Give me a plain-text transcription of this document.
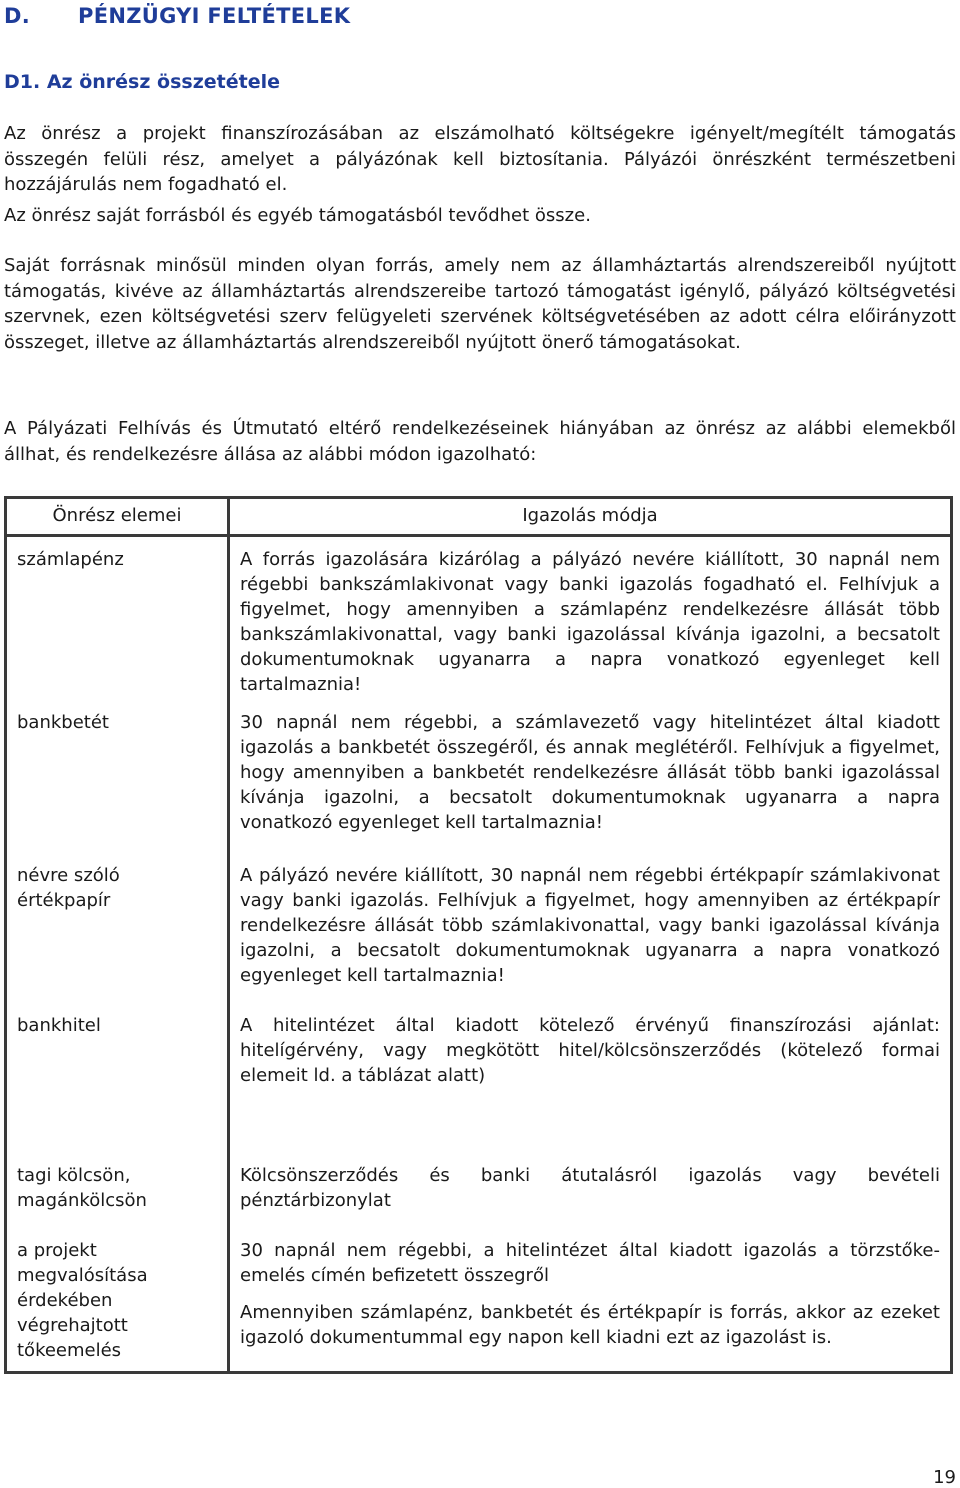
D. PÉNZÜGYI FELTÉTELEK
D1. Az önrész összetétele

Az önrész a projekt finanszírozásában az elszámolható költségekre igényelt/megítélt támogatás összegén felüli rész, amelyet a pályázónak kell biztosítania. Pályázói önrészként természetbeni hozzájárulás nem fogadható el.

Az önrész saját forrásból és egyéb támogatásból tevődhet össze.

Saját forrásnak minősül minden olyan forrás, amely nem az államháztartás alrendszereiből nyújtott támogatás, kivéve az államháztartás alrendszereibe tartozó támogatást igénylő, pályázó költségvetési szervnek, ezen költségvetési szerv felügyeleti szervének költségvetésében az adott célra előirányzott összeget, illetve az államháztartás alrendszereiből nyújtott önerő támogatásokat.

A Pályázati Felhívás és Útmutató eltérő rendelkezéseinek hiányában az önrész az alábbi elemekből állhat, és rendelkezésre állása az alábbi módon igazolható:

Önrész elemei	Igazolás módja
számlapénz	A forrás igazolására kizárólag a pályázó nevére kiállított, 30 napnál nem régebbi bankszámlakivonat vagy banki igazolás fogadható el. Felhívjuk a figyelmet, hogy amennyiben a számlapénz rendelkezésre állását több bankszámlakivonattal, vagy banki igazolással kívánja igazolni, a becsatolt dokumentumoknak ugyanarra a napra vonatkozó egyenleget kell tartalmaznia!
bankbetét	30 napnál nem régebbi, a számlavezető vagy hitelintézet által kiadott igazolás a bankbetét összegéről, és annak meglétéről. Felhívjuk a figyelmet, hogy amennyiben a bankbetét rendelkezésre állását több banki igazolással kívánja igazolni, a becsatolt dokumentumoknak ugyanarra a napra vonatkozó egyenleget kell tartalmaznia!
névre szóló értékpapír	A pályázó nevére kiállított, 30 napnál nem régebbi értékpapír számlakivonat vagy banki igazolás. Felhívjuk a figyelmet, hogy amennyiben az értékpapír rendelkezésre állását több számlakivonattal, vagy banki igazolással kívánja igazolni, a becsatolt dokumentumoknak ugyanarra a napra vonatkozó egyenleget kell tartalmaznia!
bankhitel	A hitelintézet által kiadott kötelező érvényű finanszírozási ajánlat: hitelígérvény, vagy megkötött hitel/kölcsönszerződés (kötelező formai elemeit ld. a táblázat alatt)
tagi kölcsön, magánkölcsön	Kölcsönszerződés és banki átutalásról igazolás vagy bevételi pénztárbizonylat
a projekt megvalósítása érdekében végrehajtott tőkeemelés	30 napnál nem régebbi, a hitelintézet által kiadott igazolás a törzstőke-emelés címén befizetett összegről

Amennyiben számlapénz, bankbetét és értékpapír is forrás, akkor az ezeket igazoló dokumentummal egy napon kell kiadni ezt az igazolást is.

19
